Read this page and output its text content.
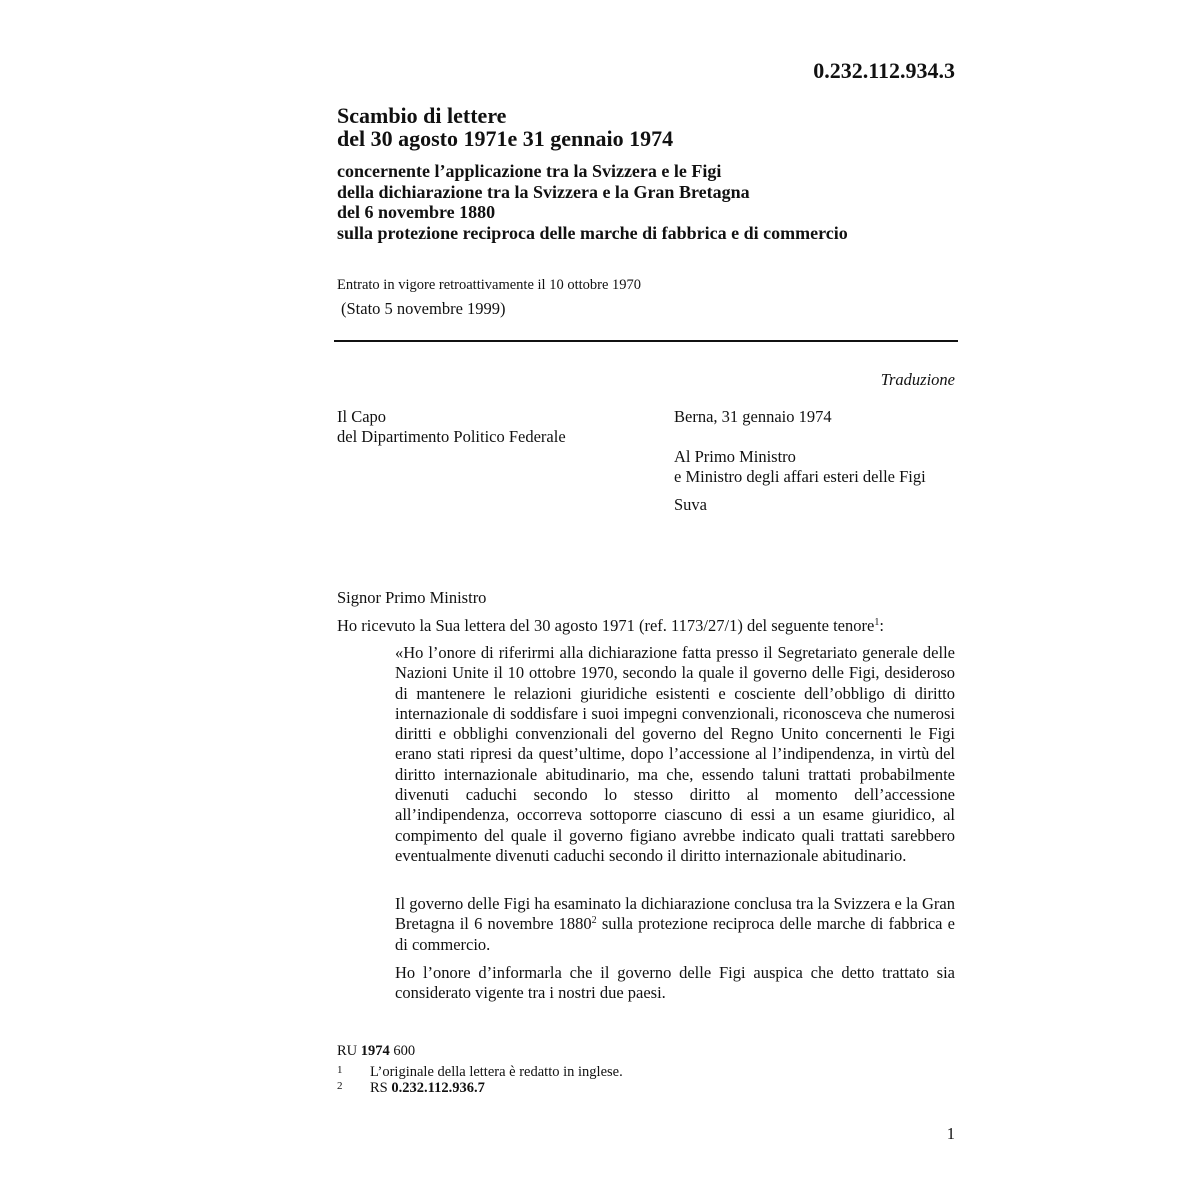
0.232.112.934.3
Scambio di lettere
del 30 agosto 1971e 31 gennaio 1974
concernente l’applicazione tra la Svizzera e le Figi
della dichiarazione tra la Svizzera e la Gran Bretagna
del 6 novembre 1880
sulla protezione reciproca delle marche di fabbrica e di commercio
Entrato in vigore retroattivamente il 10 ottobre 1970
(Stato 5 novembre 1999)
Traduzione
Il Capo
del Dipartimento Politico Federale
Berna, 31 gennaio 1974
Al Primo Ministro
e Ministro degli affari esteri delle Figi
Suva
Signor Primo Ministro
Ho ricevuto la Sua lettera del 30 agosto 1971 (ref. 1173/27/1) del seguente tenore$^1$:

«Ho l’onore di riferirmi alla dichiarazione fatta presso il Segretariato generale delle Nazioni Unite il 10 ottobre 1970, secondo la quale il governo delle Figi, desideroso di mantenere le relazioni giuridiche esistenti e cosciente dell’obbligo di diritto internazionale di soddisfare i suoi impegni convenzionali, riconosceva che numerosi diritti e obblighi convenzionali del governo del Regno Unito concernenti le Figi erano stati ripresi da quest’ultime, dopo l’accessione al l’indipendenza, in virtù del diritto internazionale abitudinario, ma che, essendo taluni trattati probabilmente divenuti caduchi secondo lo stesso diritto al momento dell’accessione all’indipendenza, occorreva sottoporre ciascuno di essi a un esame giuridico, al compimento del quale il governo figiano avrebbe indicato quali trattati sarebbero eventualmente divenuti caduchi secondo il diritto internazionale abitudinario.

Il governo delle Figi ha esaminato la dichiarazione conclusa tra la Svizzera e la Gran Bretagna il 6 novembre 1880$^2$ sulla protezione reciproca delle marche di fabbrica e di commercio.

Ho l’onore d’informarla che il governo delle Figi auspica che detto trattato sia considerato vigente tra i nostri due paesi.

RU 1974 600
1 L’originale della lettera è redatto in inglese.
2 RS 0.232.112.936.7
1
